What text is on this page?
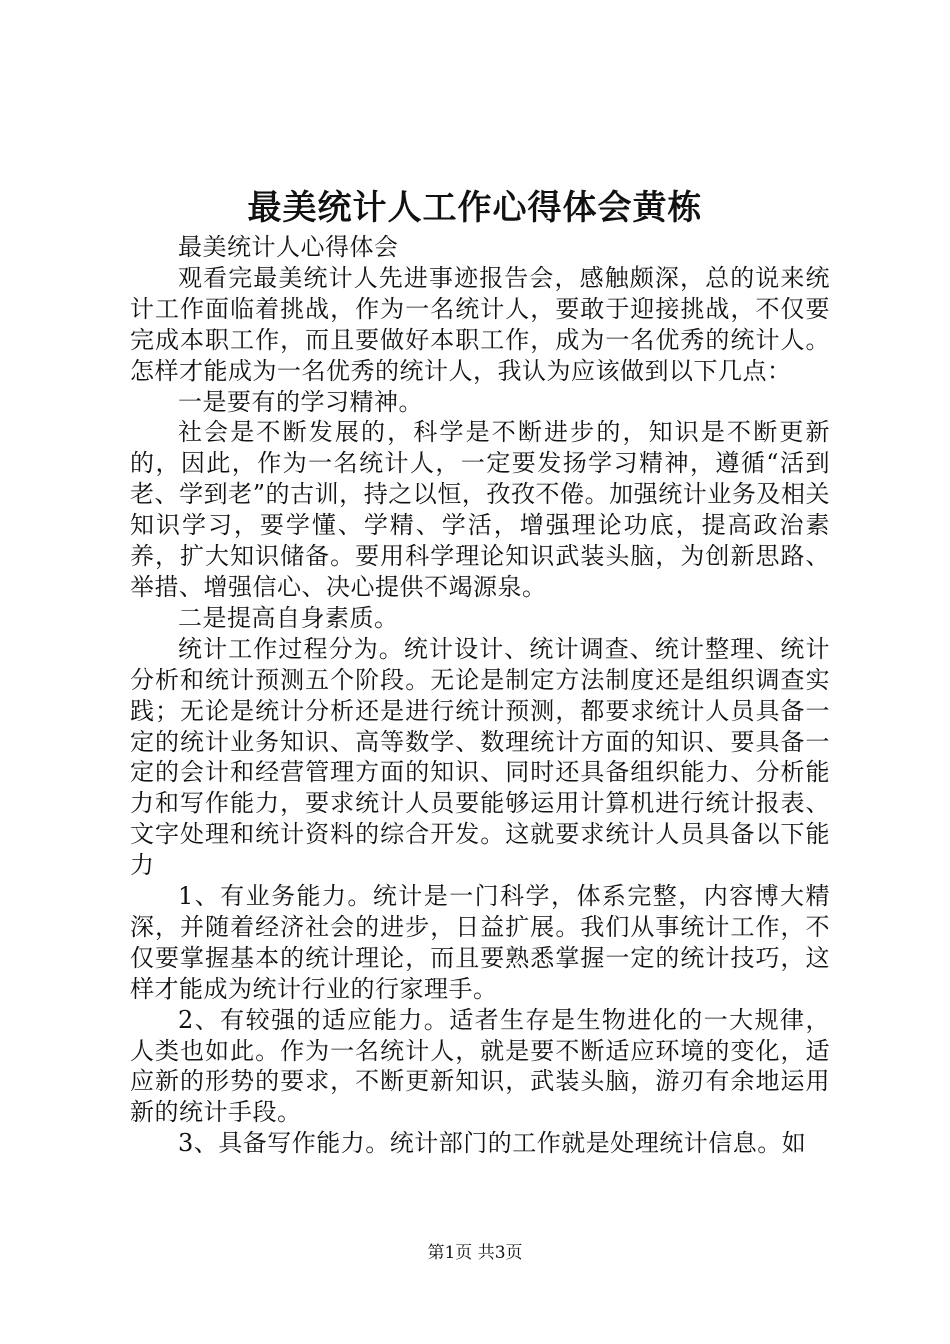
最美统计人工作心得体会黄栋

最美统计人心得体会

观看完最美统计人先进事迹报告会，感触颇深，总的说来统计工作面临着挑战，作为一名统计人，要敢于迎接挑战，不仅要完成本职工作，而且要做好本职工作，成为一名优秀的统计人。怎样才能成为一名优秀的统计人，我认为应该做到以下几点：

一是要有的学习精神。

社会是不断发展的，科学是不断进步的，知识是不断更新的，因此，作为一名统计人，一定要发扬学习精神，遵循“活到老、学到老”的古训，持之以恒，孜孜不倦。加强统计业务及相关知识学习，要学懂、学精、学活，增强理论功底，提高政治素养，扩大知识储备。要用科学理论知识武装头脑，为创新思路、举措、增强信心、决心提供不竭源泉。

二是提高自身素质。

统计工作过程分为。统计设计、统计调查、统计整理、统计分析和统计预测五个阶段。无论是制定方法制度还是组织调查实践；无论是统计分析还是进行统计预测，都要求统计人员具备一定的统计业务知识、高等数学、数理统计方面的知识、要具备一定的会计和经营管理方面的知识、同时还具备组织能力、分析能力和写作能力，要求统计人员要能够运用计算机进行统计报表、文字处理和统计资料的综合开发。这就要求统计人员具备以下能力

1、有业务能力。统计是一门科学，体系完整，内容博大精深，并随着经济社会的进步，日益扩展。我们从事统计工作，不仅要掌握基本的统计理论，而且要熟悉掌握一定的统计技巧，这样才能成为统计行业的行家理手。

2、有较强的适应能力。适者生存是生物进化的一大规律，人类也如此。作为一名统计人，就是要不断适应环境的变化，适应新的形势的要求，不断更新知识，武装头脑，游刃有余地运用新的统计手段。

3、具备写作能力。统计部门的工作就是处理统计信息。如

第1页 共3页
